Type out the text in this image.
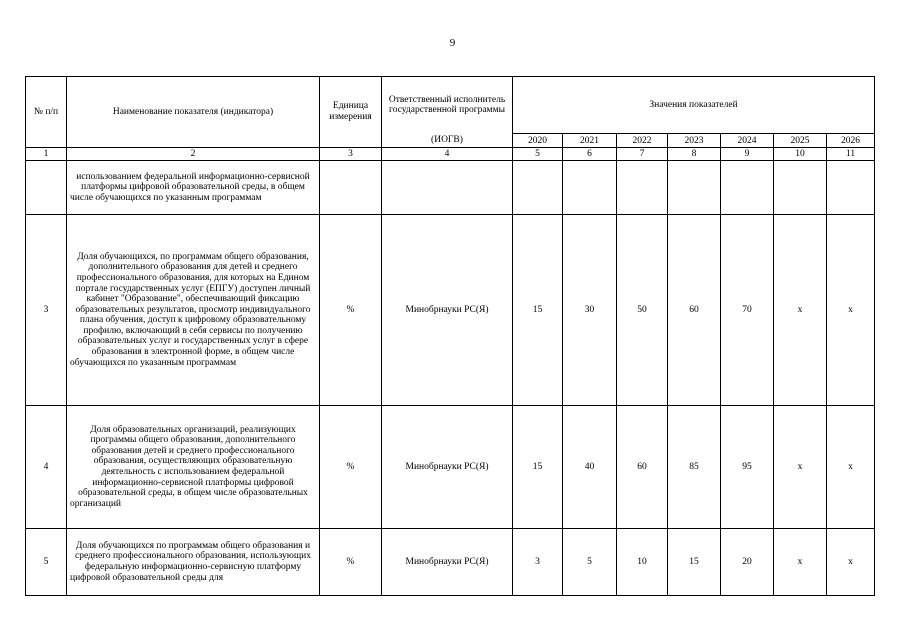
9
№ п/п	Наименование показателя (индикатора)	Единица измерения	Ответственный исполнитель государственной программы	Значения показателей						
			(ИОГВ)	2020	2021	2022	2023	2024	2025	2026
1	2	3	4	5	6	7	8	9	10	11
	использованием федеральной информационно-сервисной платформы цифровой образовательной среды, в общем числе обучающихся по указанным программам									
3	Доля обучающихся, по программам общего образования, дополнительного образования для детей и среднего профессионального образования, для которых на Едином портале государственных услуг (ЕПГУ) доступен личный кабинет "Образование", обеспечивающий фиксацию образовательных результатов, просмотр индивидуального плана обучения, доступ к цифровому образовательному профилю, включающий в себя сервисы по получению образовательных услуг и государственных услуг в сфере образования в электронной форме, в общем числе обучающихся по указанным программам	%	Минобрнауки РС(Я)	15	30	50	60	70	x	x
4	Доля образовательных организаций, реализующих программы общего образования, дополнительного образования детей и среднего профессионального образования, осуществляющих образовательную деятельность с использованием федеральной информационно-сервисной платформы цифровой образовательной среды, в общем числе образовательных организаций	%	Минобрнауки РС(Я)	15	40	60	85	95	x	x
5	Доля обучающихся по программам общего образования и среднего профессионального образования, использующих федеральную информационно-сервисную платформу цифровой образовательной среды для	%	Минобрнауки РС(Я)	3	5	10	15	20	x	x
